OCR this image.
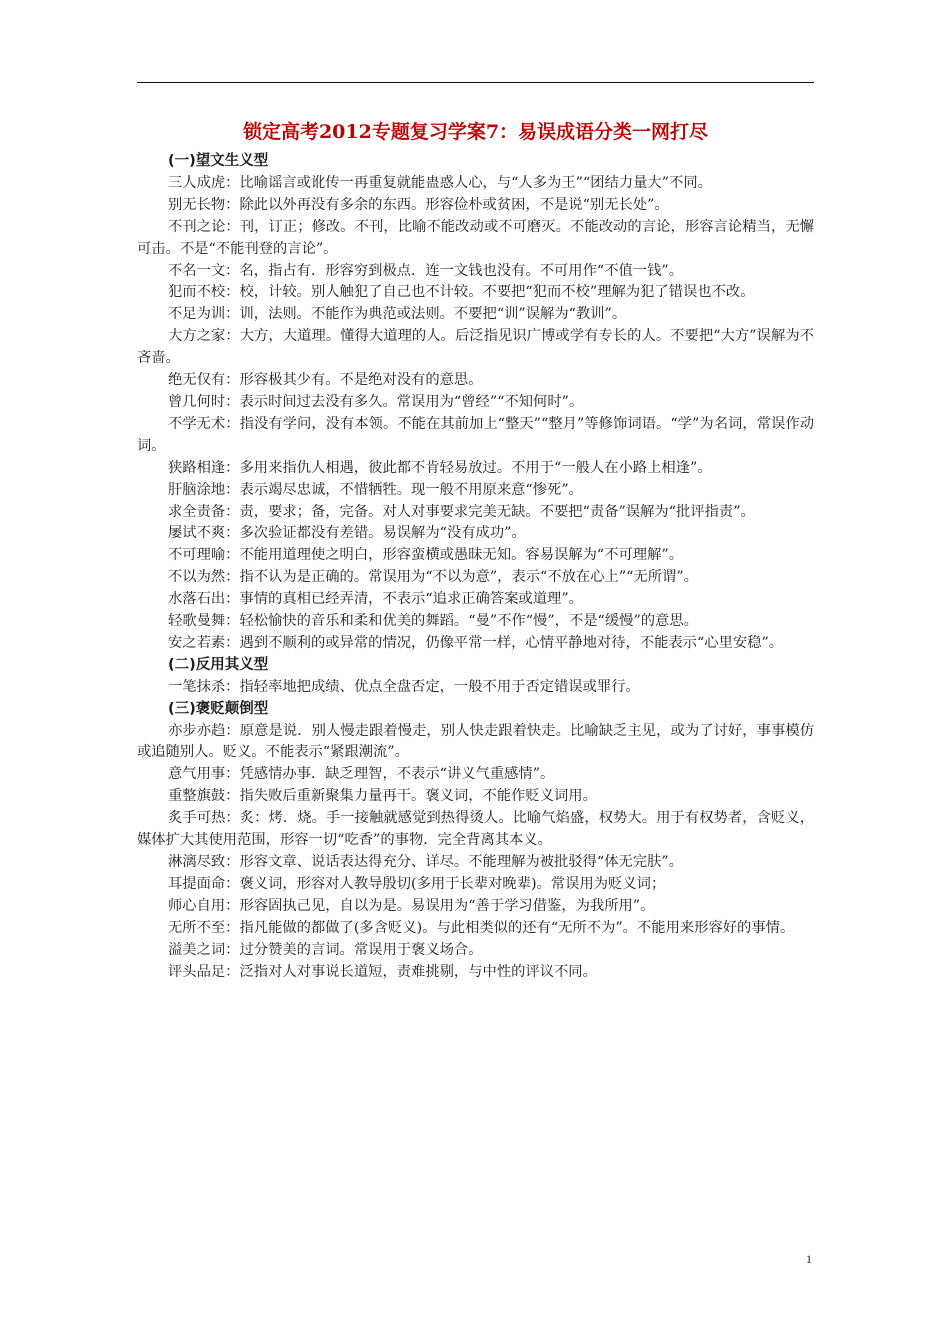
锁定高考2012专题复习学案7：易误成语分类一网打尽

(一)望文生义型

三人成虎：比喻谣言或讹传一再重复就能蛊惑人心，与“人多为王”“团结力量大”不同。

别无长物：除此以外再没有多余的东西。形容俭朴或贫困，不是说“别无长处”。

不刊之论：刊，订正；修改。不刊，比喻不能改动或不可磨灭。不能改动的言论，形容言论精当，无懈可击。不是“不能刊登的言论”。

不名一文：名，指占有．形容穷到极点．连一文钱也没有。不可用作“不值一钱”。

犯而不校：校，计较。别人触犯了自己也不计较。不要把“犯而不校”理解为犯了错误也不改。

不足为训：训，法则。不能作为典范或法则。不要把“训”误解为“教训”。

大方之家：大方，大道理。懂得大道理的人。后泛指见识广博或学有专长的人。不要把“大方”误解为不吝啬。

绝无仅有：形容极其少有。不是绝对没有的意思。

曾几何时：表示时间过去没有多久。常误用为“曾经”“不知何时”。

不学无术：指没有学问，没有本领。不能在其前加上“整天”“整月”等修饰词语。“学”为名词，常误作动词。

狭路相逢：多用来指仇人相遇，彼此都不肯轻易放过。不用于“一般人在小路上相逢”。

肝脑涂地：表示竭尽忠诚，不惜牺牲。现一般不用原来意“惨死”。

求全责备：责，要求；备，完备。对人对事要求完美无缺。不要把“责备”误解为“批评指责”。

屡试不爽：多次验证都没有差错。易误解为“没有成功”。

不可理喻：不能用道理使之明白，形容蛮横或愚昧无知。容易误解为“不可理解”。

不以为然：指不认为是正确的。常误用为“不以为意”，表示“不放在心上”“无所谓”。

水落石出：事情的真相已经弄清，不表示“追求正确答案或道理”。

轻歌曼舞：轻松愉快的音乐和柔和优美的舞蹈。“曼”不作“慢”，不是“缓慢”的意思。

安之若素：遇到不顺利的或异常的情况，仍像平常一样，心情平静地对待，不能表示“心里安稳”。

(二)反用其义型

一笔抹杀：指轻率地把成绩、优点全盘否定，一般不用于否定错误或罪行。

(三)褒贬颠倒型

亦步亦趋：原意是说．别人慢走跟着慢走，别人快走跟着快走。比喻缺乏主见，或为了讨好，事事模仿或追随别人。贬义。不能表示“紧跟潮流”。

意气用事：凭感情办事．缺乏理智，不表示“讲义气重感情”。

重整旗鼓：指失败后重新聚集力量再干。褒义词，不能作贬义词用。

炙手可热：炙：烤．烧。手一接触就感觉到热得烫人。比喻气焰盛，权势大。用于有权势者，含贬义，媒体扩大其使用范围，形容一切“吃香”的事物．完全背离其本义。

淋漓尽致：形容文章、说话表达得充分、详尽。不能理解为被批驳得“体无完肤”。

耳提面命：褒义词，形容对人教导殷切(多用于长辈对晚辈)。常误用为贬义词；

师心自用：形容固执己见，自以为是。易误用为“善于学习借鉴，为我所用”。

无所不至：指凡能做的都做了(多含贬义)。与此相类似的还有“无所不为”。不能用来形容好的事情。

溢美之词：过分赞美的言词。常误用于褒义场合。

评头品足：泛指对人对事说长道短，责难挑剔，与中性的评议不同。

1
